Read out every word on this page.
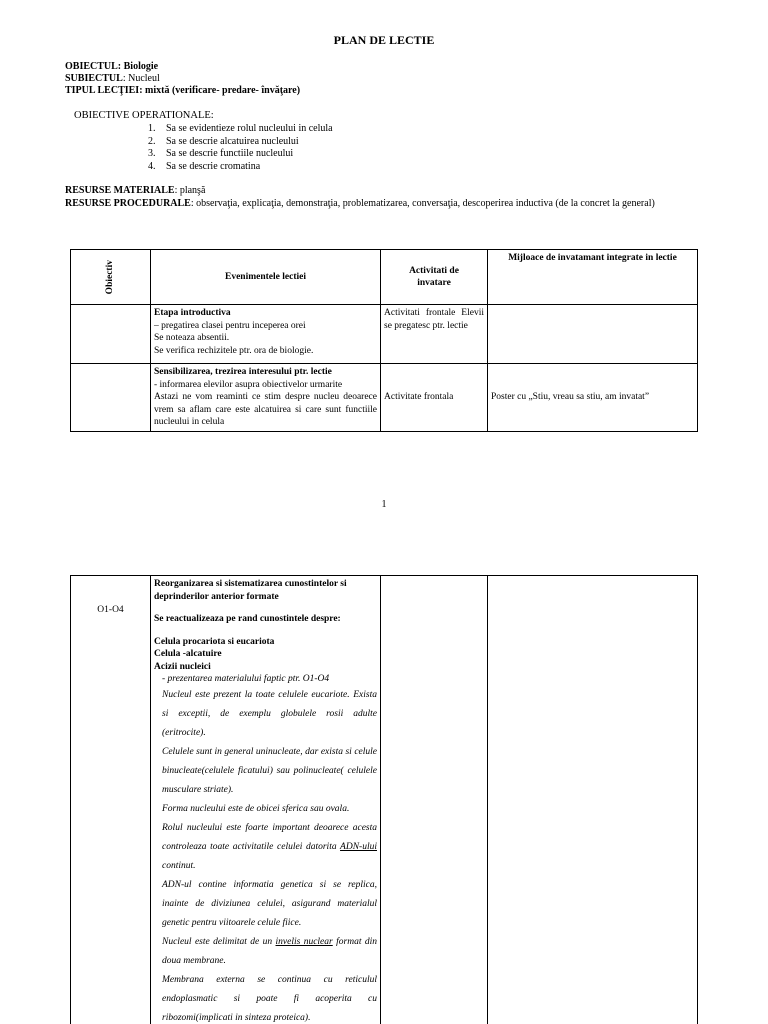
PLAN DE LECTIE
OBIECTUL: Biologie
SUBIECTUL: Nucleul
TIPUL LECŢIEI: mixtă (verificare- predare- învăţare)
OBIECTIVE OPERATIONALE:
1. Sa se evidentieze rolul nucleului in celula
2. Sa se descrie alcatuirea nucleului
3. Sa se descrie functiile nucleului
4. Sa se descrie cromatina
RESURSE MATERIALE: planşă
RESURSE PROCEDURALE: observaţia, explicaţia, demonstraţia, problematizarea, conversaţia, descoperirea inductiva (de la concret la general)
Obiectiv	Evenimentele lectiei	Activitati de invatare	Mijloace de invatamant integrate in lectie

	Etapa introductiva
– pregatirea clasei pentru inceperea orei
Se noteaza absentii.
Se verifica rechizitele ptr. ora de biologie.	Activitati frontale Elevii se pregatesc ptr. lectie	

	Sensibilizarea, trezirea interesului ptr. lectie
- informarea elevilor asupra obiectivelor urmarite
Astazi ne vom reaminti ce stim despre nucleu deoarece vrem sa aflam care este alcatuirea si care sunt functiile nucleului in celula	Activitate frontala	Poster cu „Stiu, vreau sa stiu, am invatat”
1
O1-O4	
Reorganizarea si sistematizarea cunostintelor si deprinderilor anterior formate
Se reactualizeaza pe rand cunostintele despre:
Celula procariota si eucariota
Celula -alcatuire
Acizii nucleici
- prezentarea materialului faptic ptr. O1-O4

Nucleul este prezent la toate celulele eucariote. Exista si exceptii, de exemplu globulele rosii adulte (eritrocite).

Celulele sunt in general uninucleate, dar exista si celule binucleate(celulele ficatului) sau polinucleate( celulele musculare striate).

Forma nucleului este de obicei sferica sau ovala.

Rolul nucleului este foarte important deoarece acesta controleaza toate activitatile celulei datorita ADN-ului continut.

ADN-ul contine informatia genetica si se replica, inainte de diviziunea celulei, asigurand materialul genetic pentru viitoarele celule fiice.

Nucleul este delimitat de un invelis nuclear format din doua membrane.

Membrana externa se continua cu reticulul endoplasmatic si poate fi acoperita cu ribozomi(implicati in sinteza proteica).
